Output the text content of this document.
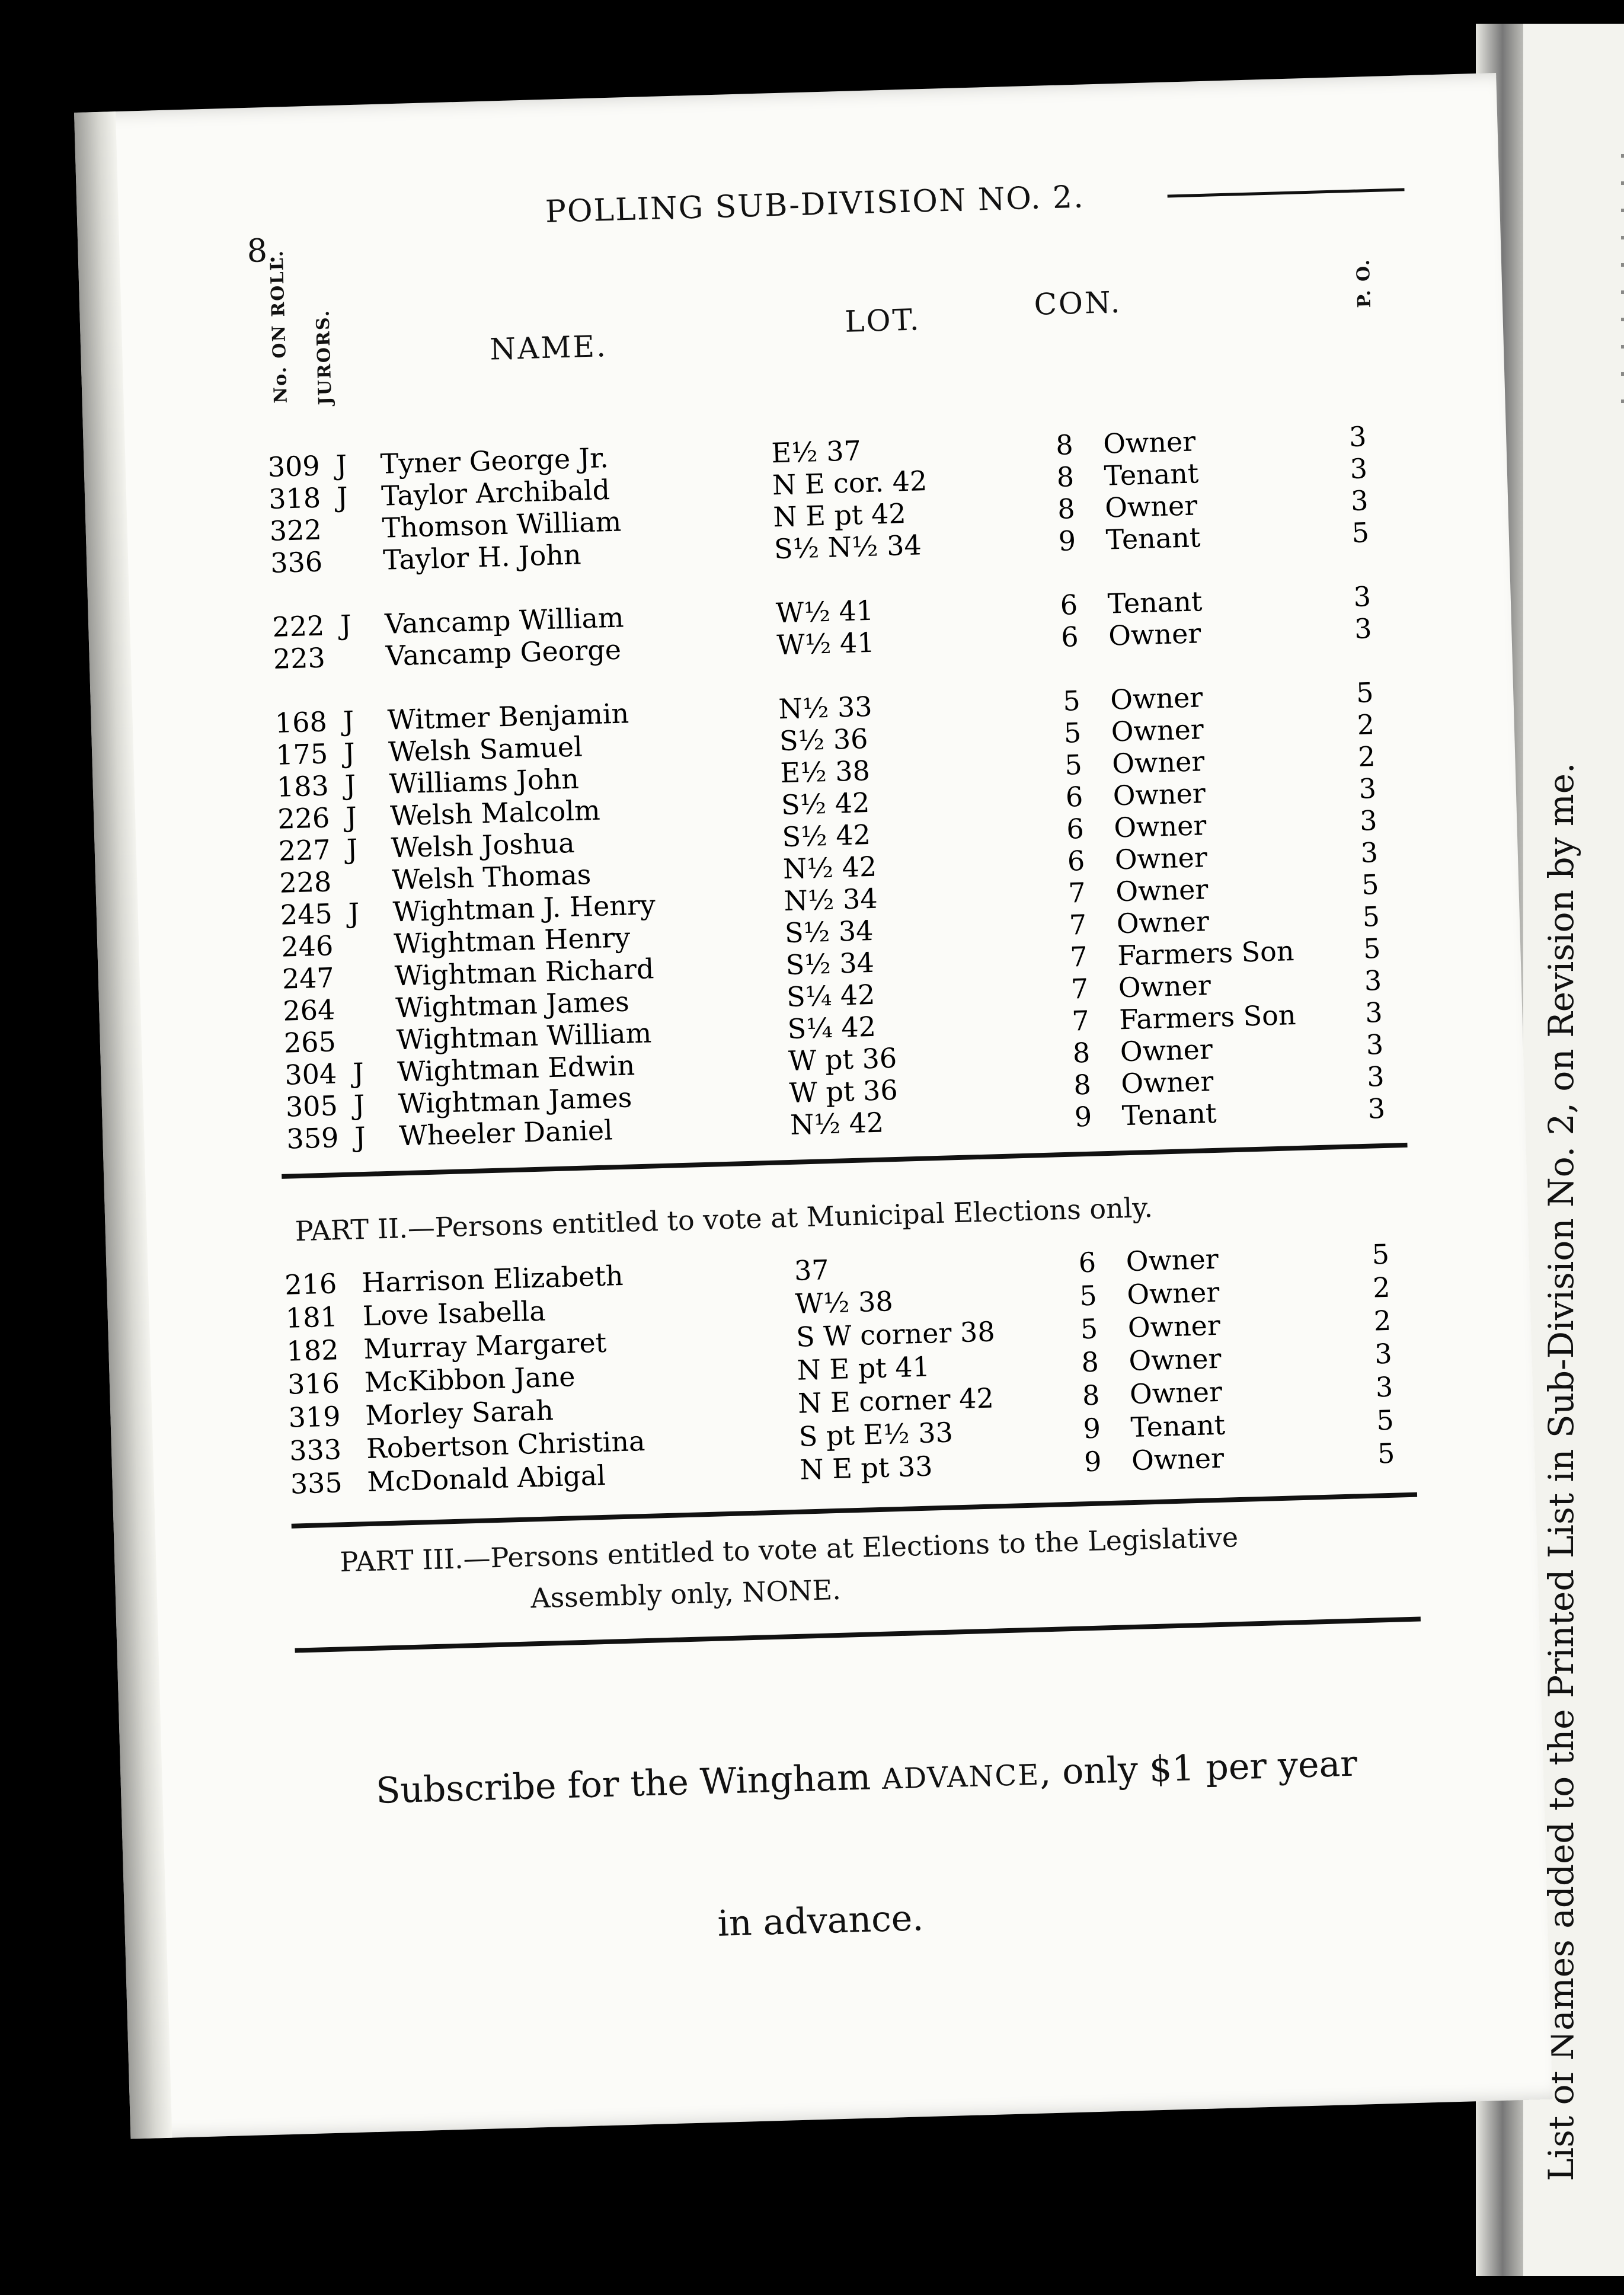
List of Names added to the Printed List in Sub-Division No. 2, on Revision by me.
8.
POLLING SUB-DIVISION NO. 2.
No. ON ROLL. JURORS.	NAME.
LOT.	CON.	P. O.
309 J Tyner George Jr.	E½ 37	8 Owner	3
318 J Taylor Archibald	N E cor. 42	8 Tenant	3
322 Thomson William	N E pt 42	8 Owner	3
336 Taylor H. John	S½ N½ 34	9 Tenant	5
222 J Vancamp William	W½ 41	6 Tenant	3
223 Vancamp George	W½ 41	6 Owner	3
168 J Witmer Benjamin	N½ 33	5 Owner	5
175 J Welsh Samuel	S½ 36	5 Owner	2
183 J Williams John	E½ 38	5 Owner	2
226 J Welsh Malcolm	S½ 42	6 Owner	3
227 J Welsh Joshua	S½ 42	6 Owner	3
228 Welsh Thomas	N½ 42	6 Owner	3
245 J Wightman J. Henry	N½ 34	7 Owner	5
246 Wightman Henry	S½ 34	7 Owner	5
247 Wightman Richard	S½ 34	7 Farmers Son	5
264 Wightman James	S¼ 42	7 Owner	3
265 Wightman William	S¼ 42	7 Farmers Son	3
304 J Wightman Edwin	W pt 36	8 Owner	3
305 J Wightman James	W pt 36	8 Owner	3
359 J Wheeler Daniel	N½ 42	9 Tenant	3
PART II.—Persons entitled to vote at Municipal Elections only.
216 Harrison Elizabeth	37	6 Owner	5
181 Love Isabella	W½ 38	5 Owner	2
182 Murray Margaret	S W corner 38	5 Owner	2
316 McKibbon Jane	N E pt 41	8 Owner	3
319 Morley Sarah	N E corner 42	8 Owner	3
333 Robertson Christina	S pt E½ 33	9 Tenant	5
335 McDonald Abigal	N E pt 33	9 Owner	5
PART III.—Persons entitled to vote at Elections to the Legislative
Assembly only, NONE.
Subscribe for the Wingham ADVANCE, only $1 per year
in advance.
